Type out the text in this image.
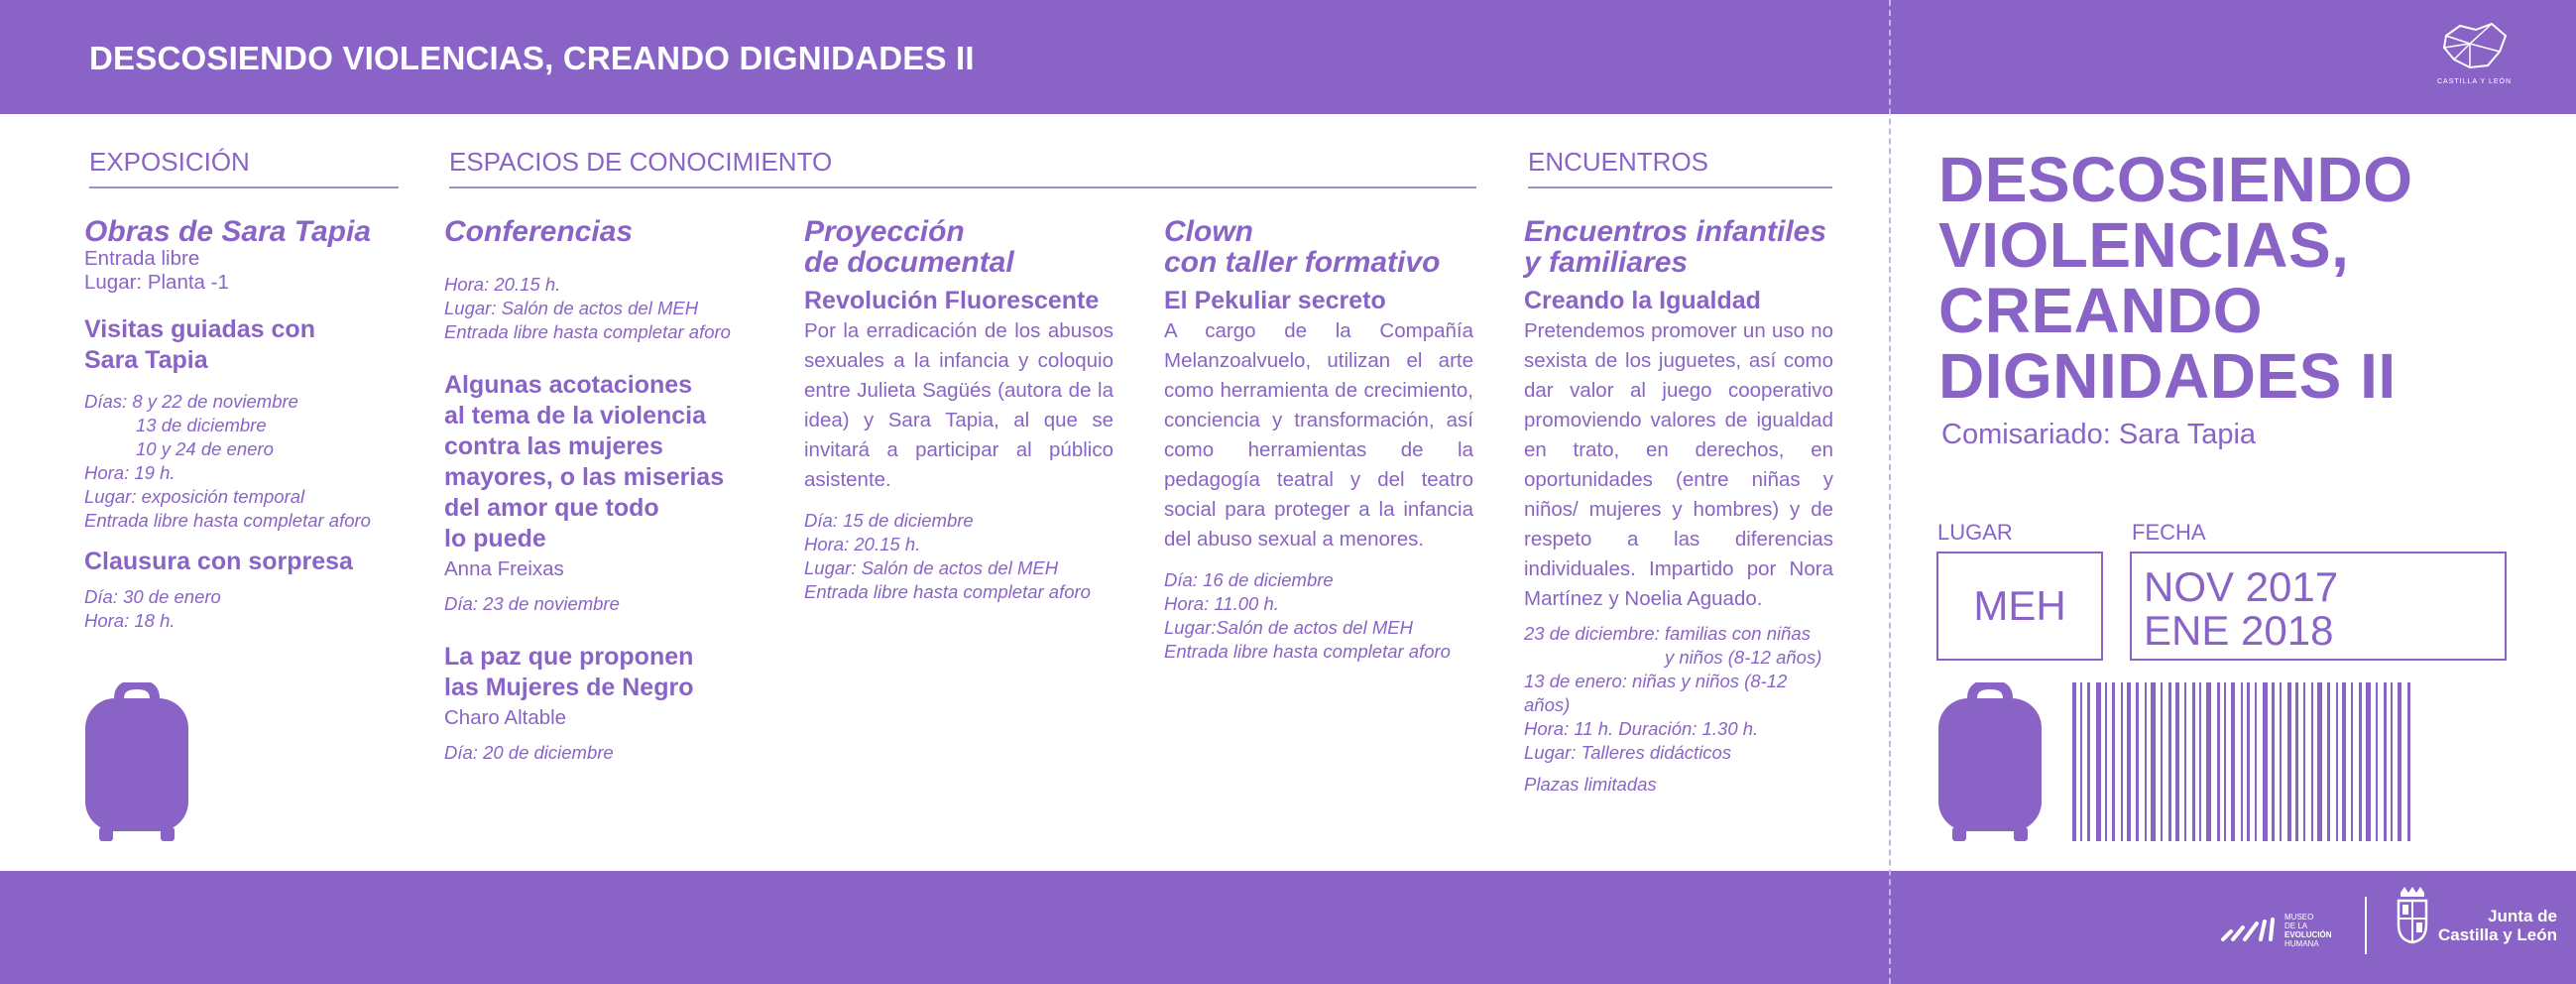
DESCOSIENDO VIOLENCIAS, CREANDO DIGNIDADES II
CASTILLA Y LEÓN
EXPOSICIÓN	ESPACIOS DE CONOCIMIENTO	ENCUENTROS

Obras de Sara Tapia

Entrada libre

Lugar: Planta -1

Visitas guiadas con

Sara Tapia

Días: 8 y 22 de noviembre

13 de diciembre

10 y 24 de enero

Hora: 19 h.

Lugar: exposición temporal

Entrada libre hasta completar aforo

Clausura con sorpresa

Día: 30 de enero

Hora: 18 h.

Conferencias

Hora: 20.15 h.

Lugar: Salón de actos del MEH

Entrada libre hasta completar aforo

Algunas acotaciones

al tema de la violencia

contra las mujeres

mayores, o las miserias

del amor que todo

lo puede

Anna Freixas

Día: 23 de noviembre

La paz que proponen

las Mujeres de Negro

Charo Altable

Día: 20 de diciembre

Proyección

de documental

Revolución Fluorescente

Por la erradicación de los abusos sexuales a la infancia y coloquio entre Julieta Sagüés (autora de la idea) y Sara Tapia, al que se invitará a participar al público asistente.

Día: 15 de diciembre

Hora: 20.15 h.

Lugar: Salón de actos del MEH

Entrada libre hasta completar aforo

Clown

con taller formativo

El Pekuliar secreto

A cargo de la Compañía Melanzoalvuelo, utilizan el arte como herramienta de crecimiento, conciencia y transformación, así como herramientas de la pedagogía teatral y del teatro social para proteger a la infancia del abuso sexual a menores.

Día: 16 de diciembre

Hora: 11.00 h.

Lugar:Salón de actos del MEH

Entrada libre hasta completar aforo

Encuentros infantiles

y familiares

Creando la Igualdad

Pretendemos promover un uso no sexista de los juguetes, así como dar valor al juego cooperativo promoviendo valores de igualdad en trato, en derechos, en oportunidades (entre niñas y niños/ mujeres y hombres) y de respeto a las diferencias individuales. Impartido por Nora Martínez y Noelia Aguado.

23 de diciembre: familias con niñas

y niños (8-12 años)

13 de enero: niñas y niños (8-12 años)

Hora: 11 h. Duración: 1.30 h.

Lugar: Talleres didácticos

Plazas limitadas

DESCOSIENDO
VIOLENCIAS,
CREANDO
DIGNIDADES II
Comisariado: Sara Tapia
LUGAR	FECHA
MEH NOV 2017
ENE 2018
MUSEO
DE LA
EVOLUCIÓN
HUMANA
Junta de
Castilla y León
